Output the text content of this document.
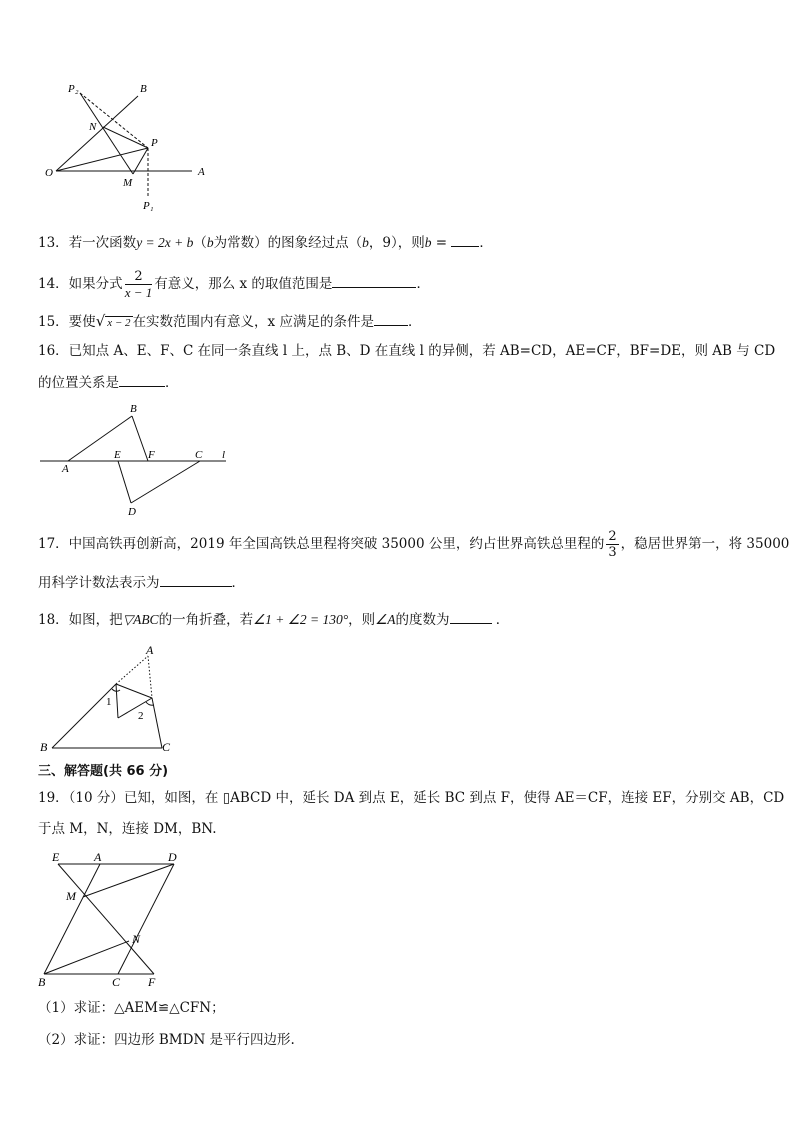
P₂	B
N
P
O
M
A
P₁
13．若一次函数y = 2x + b（b为常数）的图象经过点（b，9），则b = ．
14．如果分式 $\frac{2}{x - 1}$ 有意义，那么 x 的取值范围是	．
15．要使√ x − 2 在实数范围内有意义，x 应满足的条件是	．
16．已知点 A、E、F、C 在同一条直线 l 上，点 B、D 在直线 l 的异侧，若 AB=CD，AE=CF，BF=DE，则 AB 与 CD
的位置关系是	．
B
A
E F	C l
D
17．中国高铁再创新高，2019 年全国高铁总里程将突破 35000 公里，约占世界高铁总里程的 $\frac{2}{3}$ ，稳居世界第一，将 35000
用科学计数法表示为	．
18．如图，把▽ABC的一角折叠，若∠1 + ∠2 = 130°，则∠A的度数为	．
A
B	C
1
2
三、解答题(共 66 分)
19．（10 分）已知，如图，在 ▯ABCD 中，延长 DA 到点 E，延长 BC 到点 F，使得 AE＝CF，连接 EF，分别交 AB，CD
于点 M，N，连接 DM，BN.
E	A	D
M
N
B	C F
（1）求证：△AEM≌△CFN；
（2）求证：四边形 BMDN 是平行四边形.
